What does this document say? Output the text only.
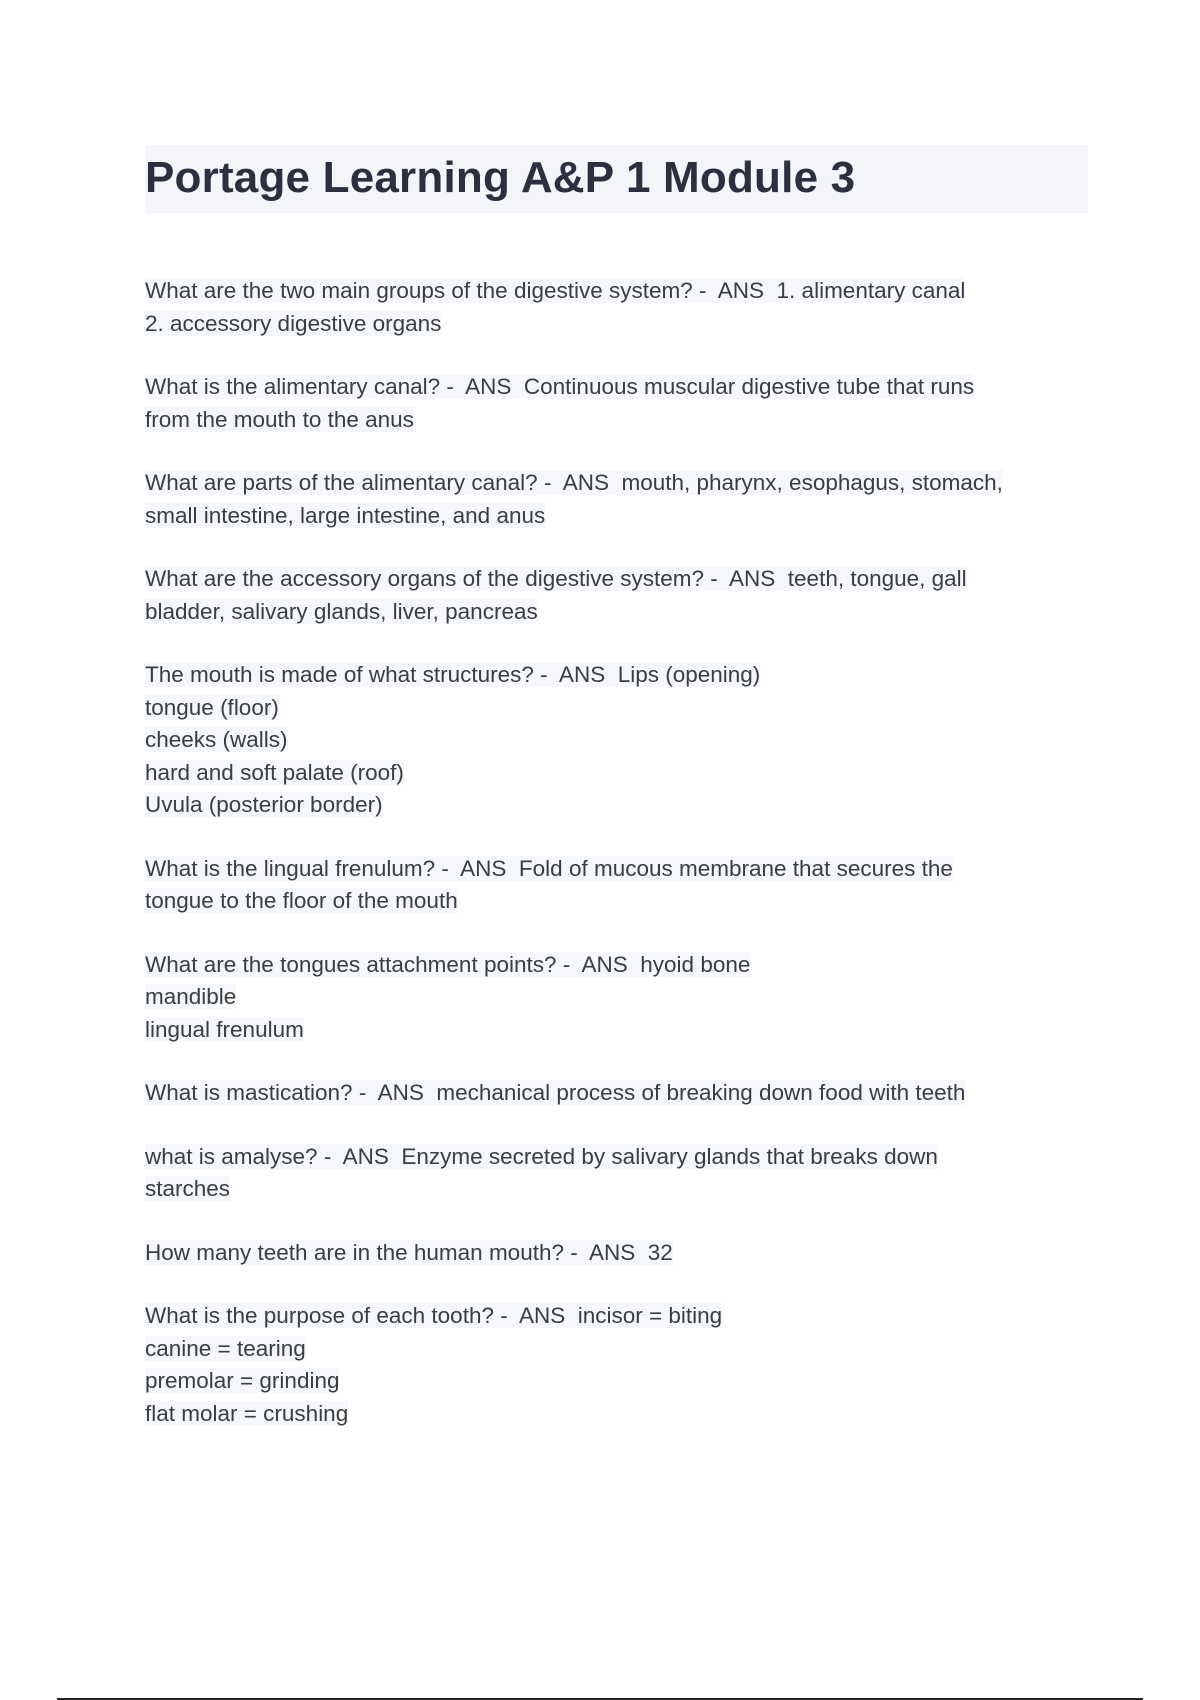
Portage Learning A&P 1 Module 3
What are the two main groups of the digestive system? -  ANS  1. alimentary canal
2. accessory digestive organs
What is the alimentary canal? -  ANS  Continuous muscular digestive tube that runs
from the mouth to the anus
What are parts of the alimentary canal? -  ANS  mouth, pharynx, esophagus, stomach,
small intestine, large intestine, and anus
What are the accessory organs of the digestive system? -  ANS  teeth, tongue, gall
bladder, salivary glands, liver, pancreas
The mouth is made of what structures? -  ANS  Lips (opening)
tongue (floor)
cheeks (walls)
hard and soft palate (roof)
Uvula (posterior border)
What is the lingual frenulum? -  ANS  Fold of mucous membrane that secures the
tongue to the floor of the mouth
What are the tongues attachment points? -  ANS  hyoid bone
mandible
lingual frenulum
What is mastication? -  ANS  mechanical process of breaking down food with teeth
what is amalyse? -  ANS  Enzyme secreted by salivary glands that breaks down
starches
How many teeth are in the human mouth? -  ANS  32
What is the purpose of each tooth? -  ANS  incisor = biting
canine = tearing
premolar = grinding
flat molar = crushing
